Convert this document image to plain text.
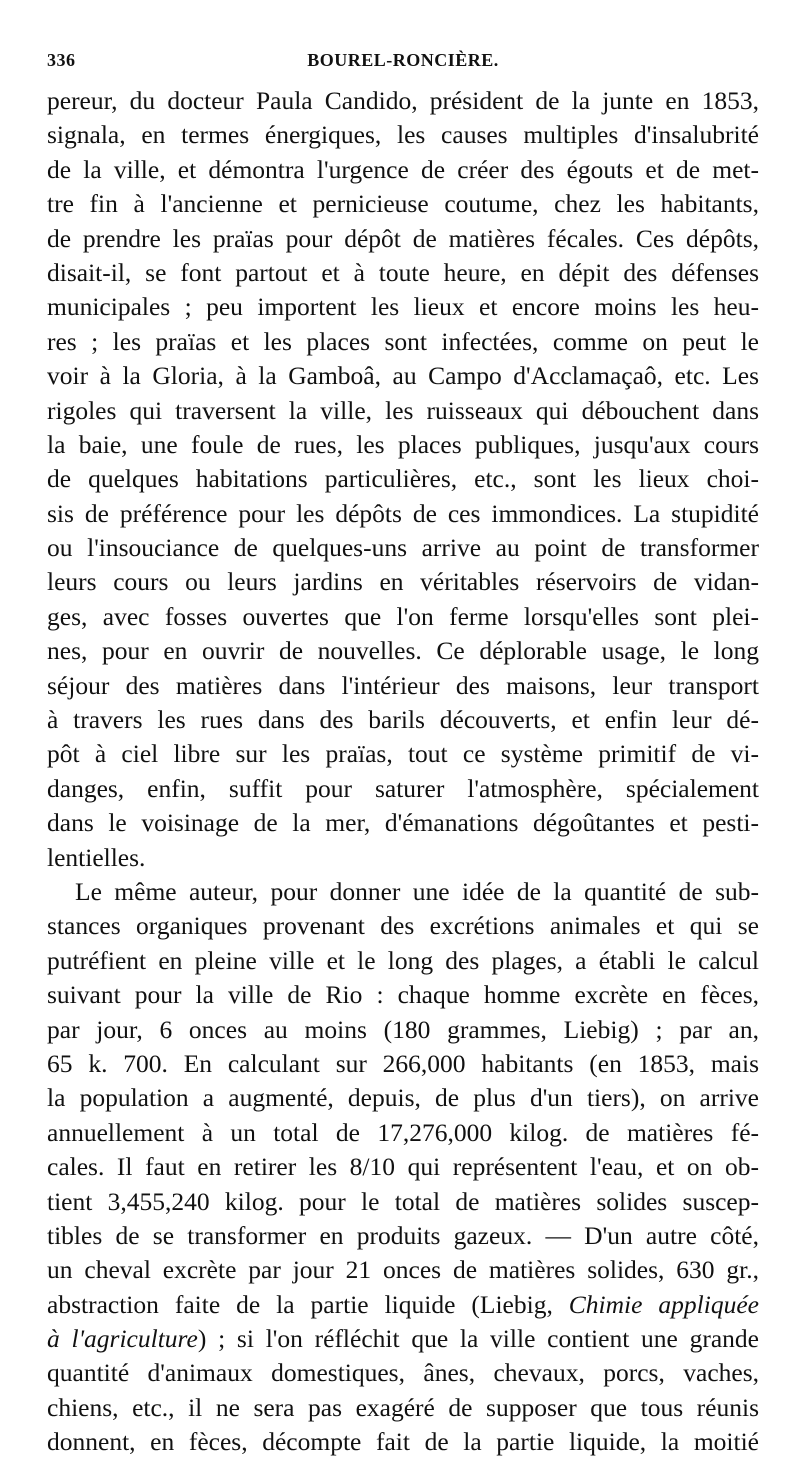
336	BOUREL-RONCIÈRE.
pereur, du docteur Paula Candido, président de la junte en 1853,
signala, en termes énergiques, les causes multiples d'insalubrité
de la ville, et démontra l'urgence de créer des égouts et de met-
tre fin à l'ancienne et pernicieuse coutume, chez les habitants,
de prendre les praïas pour dépôt de matières fécales. Ces dépôts,
disait-il, se font partout et à toute heure, en dépit des défenses
municipales ; peu importent les lieux et encore moins les heu-
res ; les praïas et les places sont infectées, comme on peut le
voir à la Gloria, à la Gamboâ, au Campo d'Acclamaçaô, etc. Les
rigoles qui traversent la ville, les ruisseaux qui débouchent dans
la baie, une foule de rues, les places publiques, jusqu'aux cours
de quelques habitations particulières, etc., sont les lieux choi-
sis de préférence pour les dépôts de ces immondices. La stupidité
ou l'insouciance de quelques-uns arrive au point de transformer
leurs cours ou leurs jardins en véritables réservoirs de vidan-
ges, avec fosses ouvertes que l'on ferme lorsqu'elles sont plei-
nes, pour en ouvrir de nouvelles. Ce déplorable usage, le long
séjour des matières dans l'intérieur des maisons, leur transport
à travers les rues dans des barils découverts, et enfin leur dé-
pôt à ciel libre sur les praïas, tout ce système primitif de vi-
danges, enfin, suffit pour saturer l'atmosphère, spécialement
dans le voisinage de la mer, d'émanations dégoûtantes et pesti-
lentielles.
Le même auteur, pour donner une idée de la quantité de sub-
stances organiques provenant des excrétions animales et qui se
putréfient en pleine ville et le long des plages, a établi le calcul
suivant pour la ville de Rio : chaque homme excrète en fèces,
par jour, 6 onces au moins (180 grammes, Liebig) ; par an,
65 k. 700. En calculant sur 266,000 habitants (en 1853, mais
la population a augmenté, depuis, de plus d'un tiers), on arrive
annuellement à un total de 17,276,000 kilog. de matières fé-
cales. Il faut en retirer les 8/10 qui représentent l'eau, et on ob-
tient 3,455,240 kilog. pour le total de matières solides suscep-
tibles de se transformer en produits gazeux. — D'un autre côté,
un cheval excrète par jour 21 onces de matières solides, 630 gr.,
abstraction faite de la partie liquide (Liebig, Chimie appliquée
à l'agriculture) ; si l'on réfléchit que la ville contient une grande
quantité d'animaux domestiques, ânes, chevaux, porcs, vaches,
chiens, etc., il ne sera pas exagéré de supposer que tous réunis
donnent, en fèces, décompte fait de la partie liquide, la moitié
